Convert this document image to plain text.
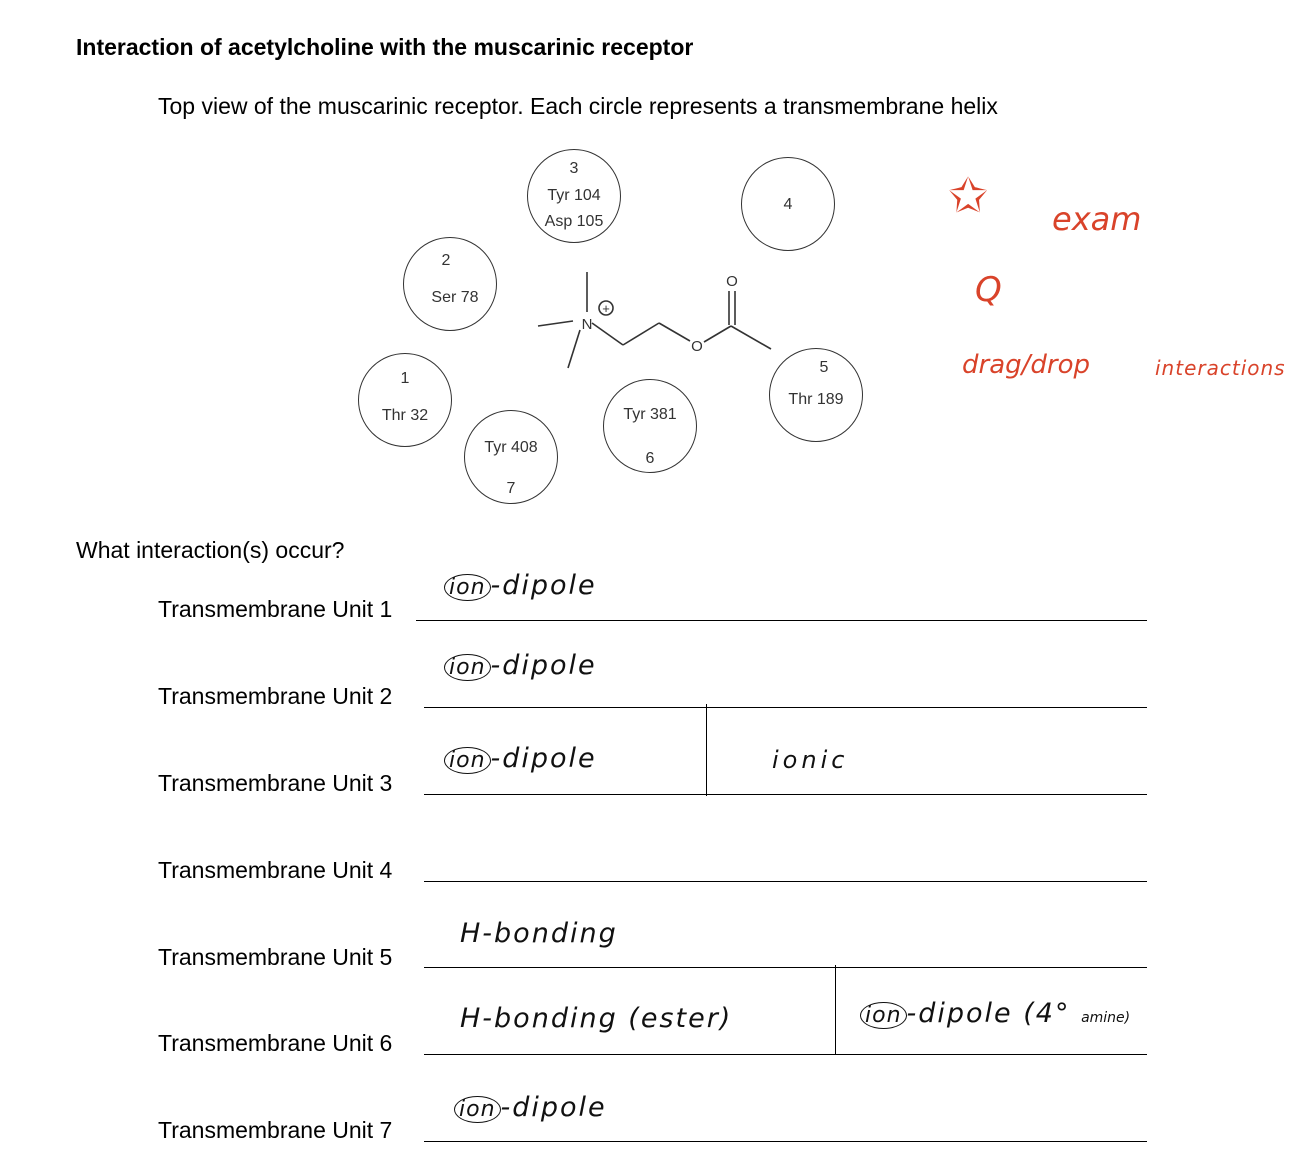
Interaction of acetylcholine with the muscarinic receptor
Top view of the muscarinic receptor. Each circle represents a transmembrane helix
1
Thr 32
2
Ser 78
3
Tyr 104
Asp 105
4
5
Thr 189
Tyr 381
6
Tyr 408
7
N
+
O
O
✩ exam
Q
drag/drop	interactions
What interaction(s) occur?
Transmembrane Unit 1
ion -dipole
Transmembrane Unit 2
ion -dipole
Transmembrane Unit 3
ion -dipole	ionic
Transmembrane Unit 4
Transmembrane Unit 5
H-bonding
Transmembrane Unit 6
H-bonding (ester)	ion -dipole (4° amine)
Transmembrane Unit 7
ion -dipole
